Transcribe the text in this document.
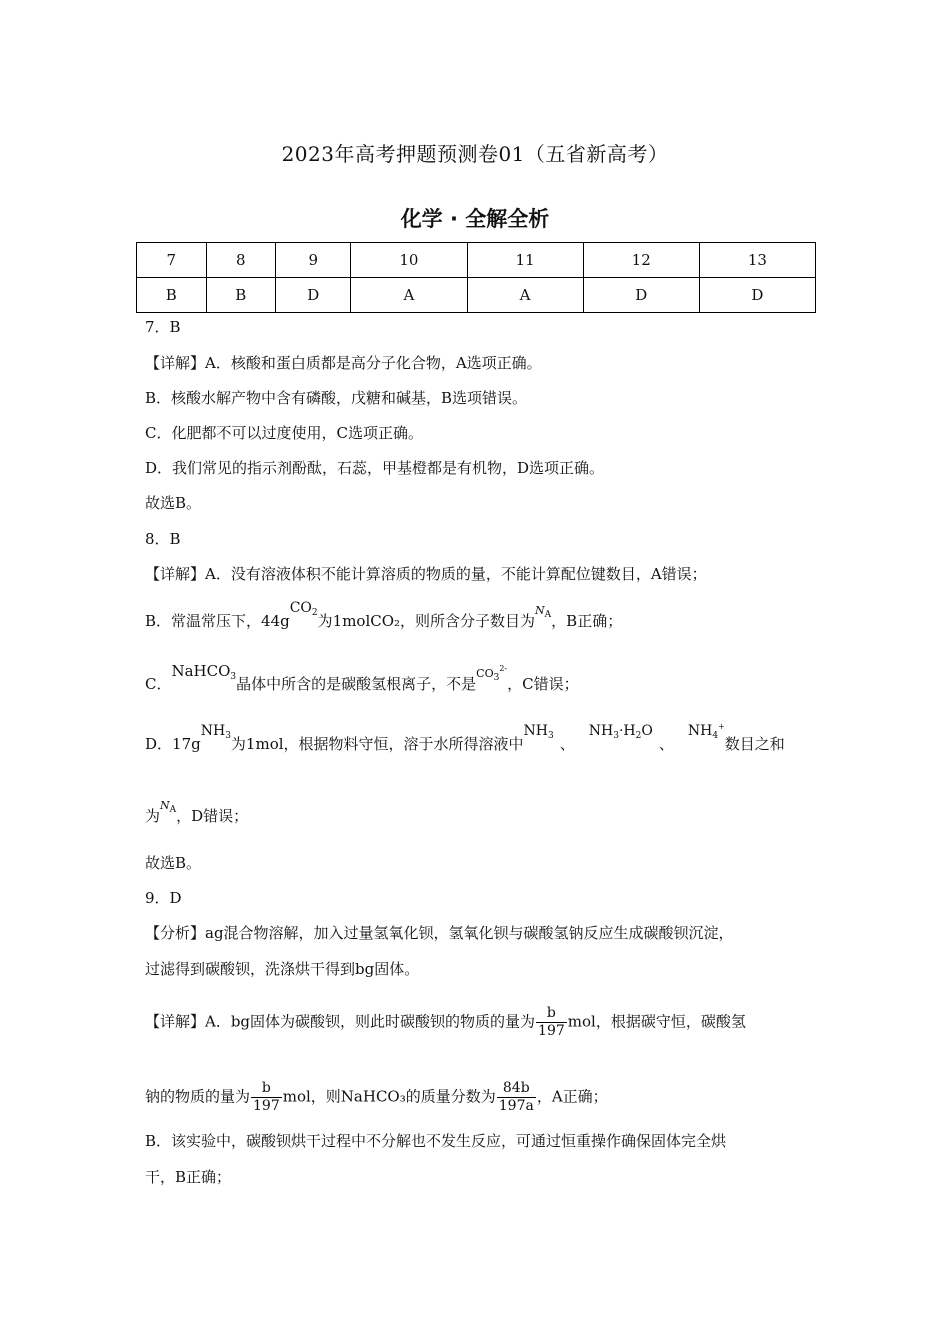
2023年高考押题预测卷01（五省新高考）
化学 · 全解全析
7	8	9	10	11	12	13
B	B	D	A	A	D	D
7．B
【详解】A．核酸和蛋白质都是高分子化合物，A选项正确。
B．核酸水解产物中含有磷酸，戊糖和碱基，B选项错误。
C．化肥都不可以过度使用，C选项正确。
D．我们常见的指示剂酚酞，石蕊，甲基橙都是有机物，D选项正确。
故选B。
8．B
【详解】A．没有溶液体积不能计算溶质的物质的量，不能计算配位键数目，A错误；
B．常温常压下，44gCO$_2$为1molCO₂，则所含分子数目为$^{N_A}$，B正确；
C．NaHCO$_3$晶体中所含的是碳酸氢根离子，不是$^{CO_3^{2-}}$，C错误；
D．17gNH$_3$为1mol，根据物料守恒，溶于水所得溶液中$NH_3$ 、$NH_3\cdot H_2O$、$NH_4^+$数目之和
为$^{N_A}$，D错误；
故选B。
9．D
【分析】ag混合物溶解，加入过量氢氧化钡，氢氧化钡与碳酸氢钠反应生成碳酸钡沉淀，
过滤得到碳酸钡，洗涤烘干得到bg固体。
【详解】A．bg固体为碳酸钡，则此时碳酸钡的物质的量为 $\frac{b}{197}$ mol，根据碳守恒，碳酸氢
钠的物质的量为 $\frac{b}{197}$ mol，则NaHCO₃的质量分数为 $\frac{84b}{197a}$ ，A正确；
B．该实验中，碳酸钡烘干过程中不分解也不发生反应，可通过恒重操作确保固体完全烘
干，B正确；
